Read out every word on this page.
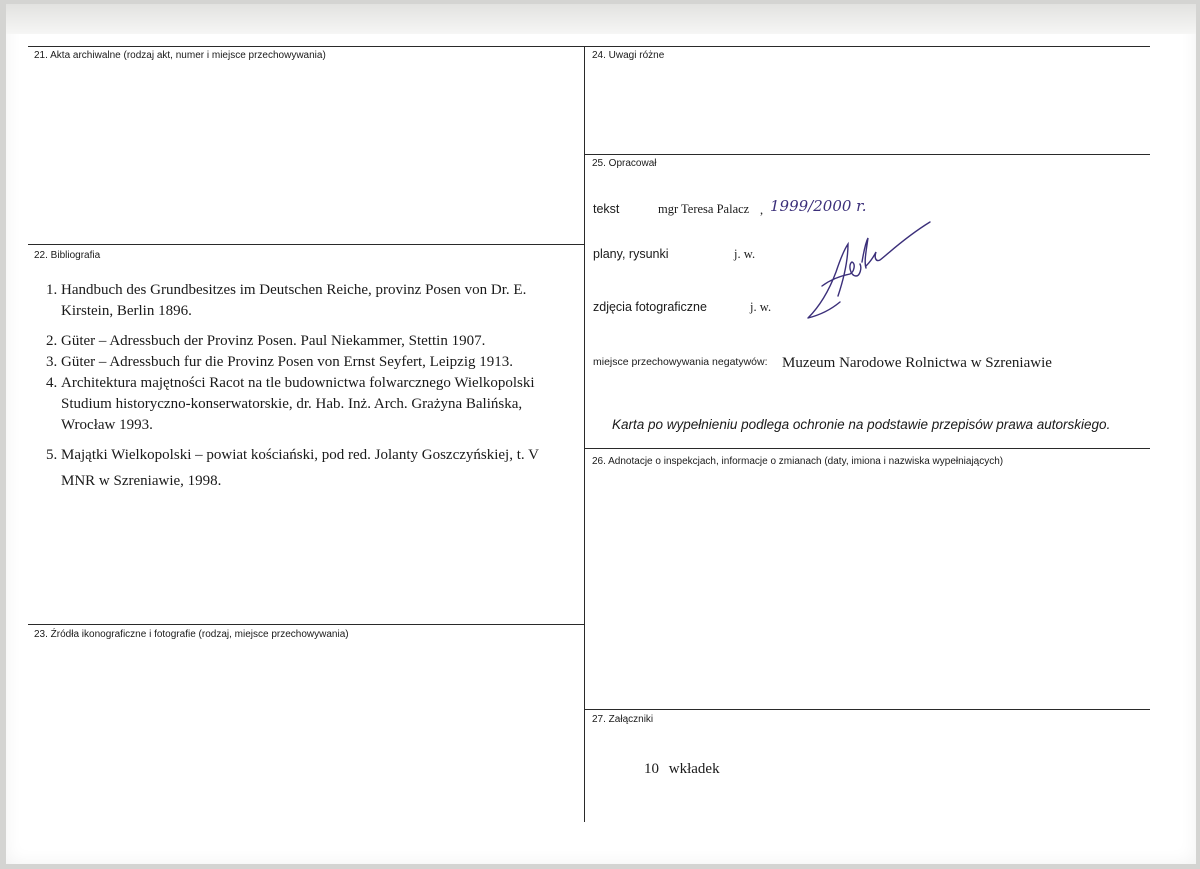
21. Akta archiwalne (rodzaj akt, numer i miejsce przechowywania)
22. Bibliografia
23. Źródła ikonograficzne i fotografie (rodzaj, miejsce przechowywania)
24. Uwagi różne
25. Opracował
26. Adnotacje o inspekcjach, informacje o zmianach (daty, imiona i nazwiska wypełniających)
27. Załączniki
1. Handbuch des Grundbesitzes im Deutschen Reiche, provinz Posen von Dr. E. Kirstein, Berlin 1896.
2. Güter – Adressbuch der Provinz Posen. Paul Niekammer, Stettin 1907.
3. Güter – Adressbuch fur die Provinz Posen von Ernst Seyfert, Leipzig 1913.
4. Architektura majętności Racot na tle budownictwa folwarcznego Wielkopolski Studium historyczno-konserwatorskie, dr. Hab. Inż. Arch. Grażyna Balińska, Wrocław 1993.
5. Majątki Wielkopolski – powiat kościański, pod red. Jolanty Goszczyńskiej, t. V MNR w Szreniawie, 1998.
tekst	mgr Teresa Palacz , 1999/2000 r.
plany, rysunki	j. w.
zdjęcia fotograficzne	j. w.
miejsce przechowywania negatywów: Muzeum Narodowe Rolnictwa w Szreniawie
Karta po wypełnieniu podlega ochronie na podstawie przepisów prawa autorskiego.
10 wkładek
